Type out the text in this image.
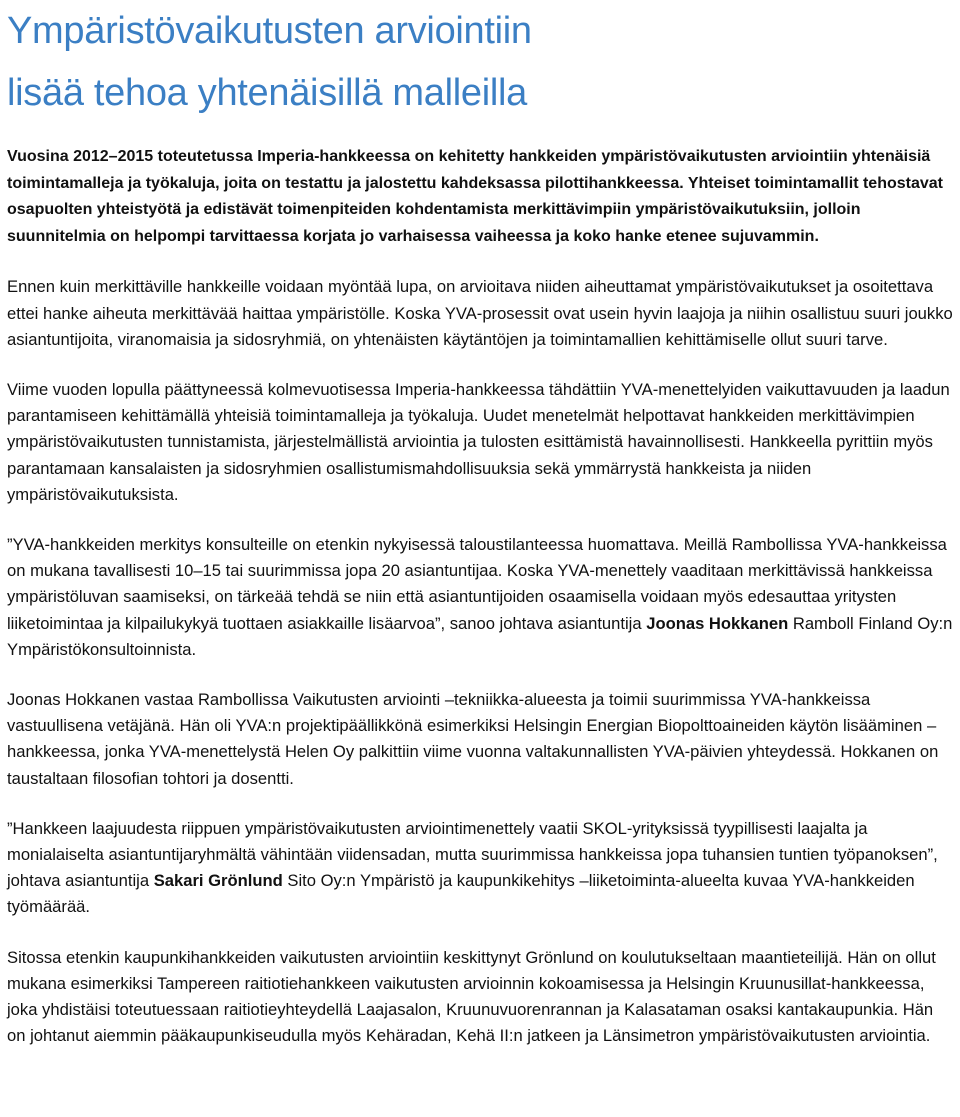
Ympäristövaikutusten arviointiin
lisää tehoa yhtenäisillä malleilla

Vuosina 2012–2015 toteutetussa Imperia-hankkeessa on kehitetty hankkeiden ympäristövaikutusten arviointiin yhtenäisiä toimintamalleja ja työkaluja, joita on testattu ja jalostettu kahdeksassa pilottihankkeessa. Yhteiset toimintamallit tehostavat osapuolten yhteistyötä ja edistävät toimenpiteiden kohdentamista merkittävimpiin ympäristövaikutuksiin, jolloin suunnitelmia on helpompi tarvittaessa korjata jo varhaisessa vaiheessa ja koko hanke etenee sujuvammin.

Ennen kuin merkittäville hankkeille voidaan myöntää lupa, on arvioitava niiden aiheuttamat ympäristövaikutukset ja osoitettava ettei hanke aiheuta merkittävää haittaa ympäristölle. Koska YVA-prosessit ovat usein hyvin laajoja ja niihin osallistuu suuri joukko asiantuntijoita, viranomaisia ja sidosryhmiä, on yhtenäisten käytäntöjen ja toimintamallien kehittämiselle ollut suuri tarve.

Viime vuoden lopulla päättyneessä kolmevuotisessa Imperia-hankkeessa tähdättiin YVA-menettelyiden vaikuttavuuden ja laadun parantamiseen kehittämällä yhteisiä toimintamalleja ja työkaluja. Uudet menetelmät helpottavat hankkeiden merkittävimpien ympäristövaikutusten tunnistamista, järjestelmällistä arviointia ja tulosten esittämistä havainnollisesti. Hankkeella pyrittiin myös parantamaan kansalaisten ja sidosryhmien osallistumismahdollisuuksia sekä ymmärrystä hankkeista ja niiden ympäristövaikutuksista.

”YVA-hankkeiden merkitys konsulteille on etenkin nykyisessä taloustilanteessa huomattava. Meillä Rambollissa YVA-hankkeissa on mukana tavallisesti 10–15 tai suurimmissa jopa 20 asiantuntijaa. Koska YVA-menettely vaaditaan merkittävissä hankkeissa ympäristöluvan saamiseksi, on tärkeää tehdä se niin että asiantuntijoiden osaamisella voidaan myös edesauttaa yritysten liiketoimintaa ja kilpailukykyä tuottaen asiakkaille lisäarvoa”, sanoo johtava asiantuntija Joonas Hokkanen Ramboll Finland Oy:n Ympäristökonsultoinnista.

Joonas Hokkanen vastaa Rambollissa Vaikutusten arviointi –tekniikka-alueesta ja toimii suurimmissa YVA-hankkeissa vastuullisena vetäjänä. Hän oli YVA:n projektipäällikkönä esimerkiksi Helsingin Energian Biopolttoaineiden käytön lisääminen –hankkeessa, jonka YVA-menettelystä Helen Oy palkittiin viime vuonna valtakunnallisten YVA-päivien yhteydessä. Hokkanen on taustaltaan filosofian tohtori ja dosentti.

”Hankkeen laajuudesta riippuen ympäristövaikutusten arviointimenettely vaatii SKOL-yrityksissä tyypillisesti laajalta ja monialaiselta asiantuntijaryhmältä vähintään viidensadan, mutta suurimmissa hankkeissa jopa tuhansien tuntien työpanoksen”, johtava asiantuntija Sakari Grönlund Sito Oy:n Ympäristö ja kaupunkikehitys –liiketoiminta-alueelta kuvaa YVA-hankkeiden työmäärää.

Sitossa etenkin kaupunkihankkeiden vaikutusten arviointiin keskittynyt Grönlund on koulutukseltaan maantieteilijä. Hän on ollut mukana esimerkiksi Tampereen raitiotiehankkeen vaikutusten arvioinnin kokoamisessa ja Helsingin Kruunusillat-hankkeessa, joka yhdistäisi toteutuessaan raitiotieyhteydellä Laajasalon, Kruunuvuorenrannan ja Kalasataman osaksi kantakaupunkia. Hän on johtanut aiemmin pääkaupunkiseudulla myös Kehäradan, Kehä II:n jatkeen ja Länsimetron ympäristövaikutusten arviointia.
